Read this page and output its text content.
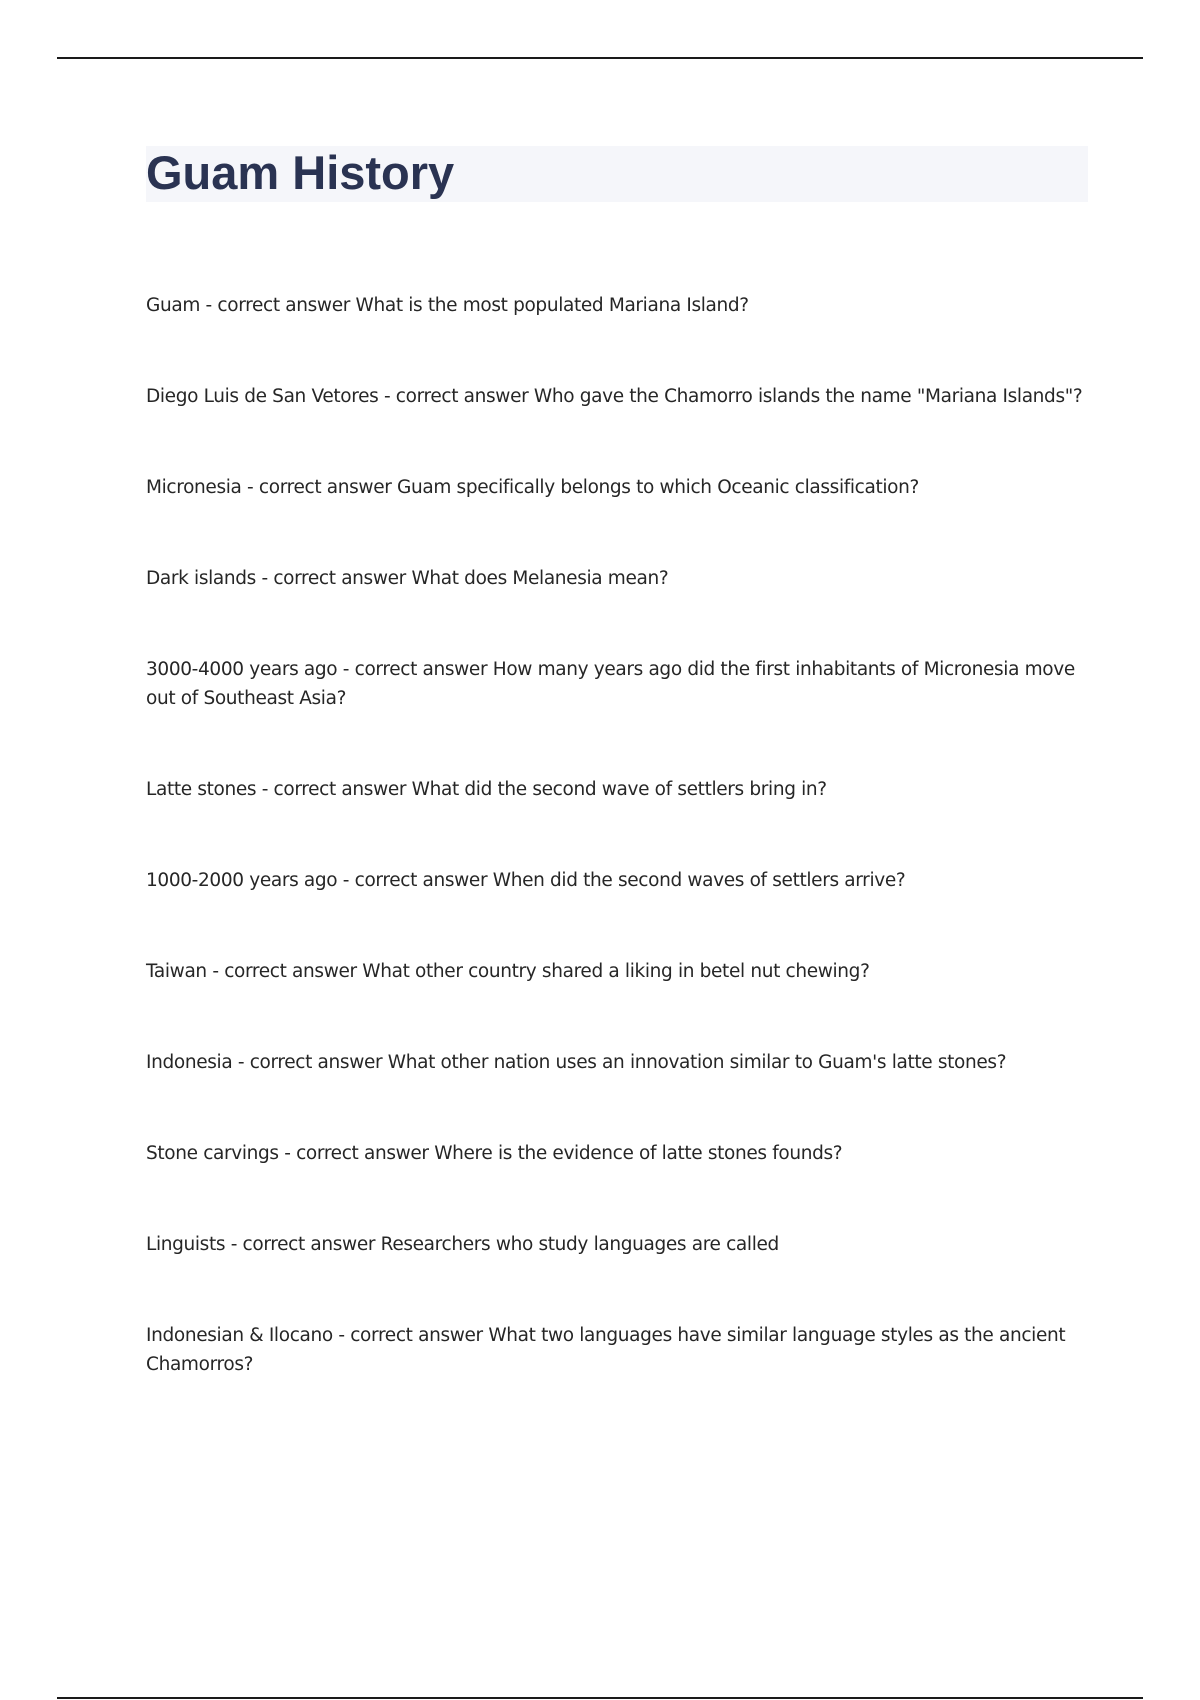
Guam History
Guam - correct answer What is the most populated Mariana Island?
Diego Luis de San Vetores - correct answer Who gave the Chamorro islands the name "Mariana Islands"?
Micronesia - correct answer Guam specifically belongs to which Oceanic classification?
Dark islands - correct answer What does Melanesia mean?
3000-4000 years ago - correct answer How many years ago did the first inhabitants of Micronesia move out of Southeast Asia?
Latte stones - correct answer What did the second wave of settlers bring in?
1000-2000 years ago - correct answer When did the second waves of settlers arrive?
Taiwan - correct answer What other country shared a liking in betel nut chewing?
Indonesia - correct answer What other nation uses an innovation similar to Guam's latte stones?
Stone carvings - correct answer Where is the evidence of latte stones founds?
Linguists - correct answer Researchers who study languages are called
Indonesian & Ilocano - correct answer What two languages have similar language styles as the ancient Chamorros?
